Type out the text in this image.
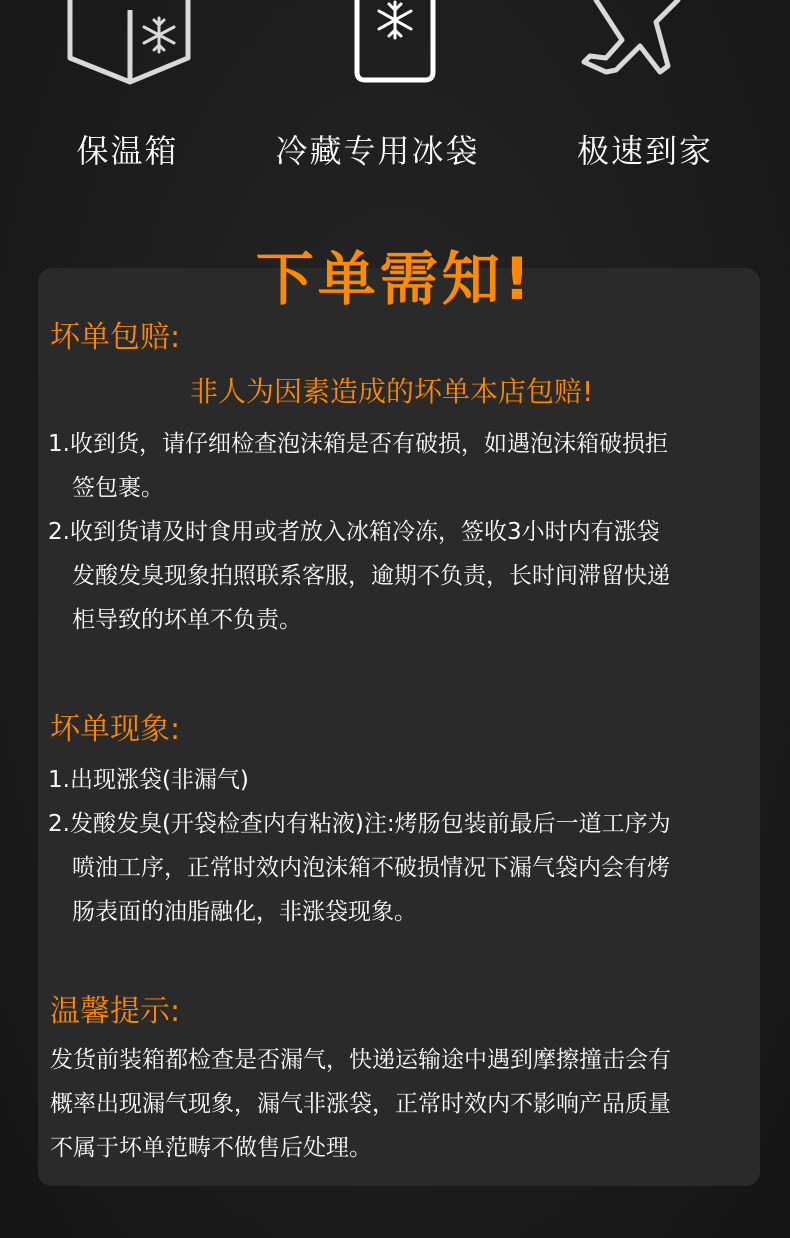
保温箱	冷藏专用冰袋	极速到家
下单需知!
坏单包赔:
非人为因素造成的坏单本店包赔!
1.收到货，请仔细检查泡沫箱是否有破损，如遇泡沫箱破损拒
签包裹。
2.收到货请及时食用或者放入冰箱冷冻，签收3小时内有涨袋
发酸发臭现象拍照联系客服，逾期不负责，长时间滞留快递
柜导致的坏单不负责。
坏单现象:
1.出现涨袋(非漏气)
2.发酸发臭(开袋检查内有粘液)注:烤肠包装前最后一道工序为
喷油工序，正常时效内泡沫箱不破损情况下漏气袋内会有烤
肠表面的油脂融化，非涨袋现象。
温馨提示:
发货前装箱都检查是否漏气，快递运输途中遇到摩擦撞击会有
概率出现漏气现象，漏气非涨袋，正常时效内不影响产品质量
不属于坏单范畴不做售后处理。
